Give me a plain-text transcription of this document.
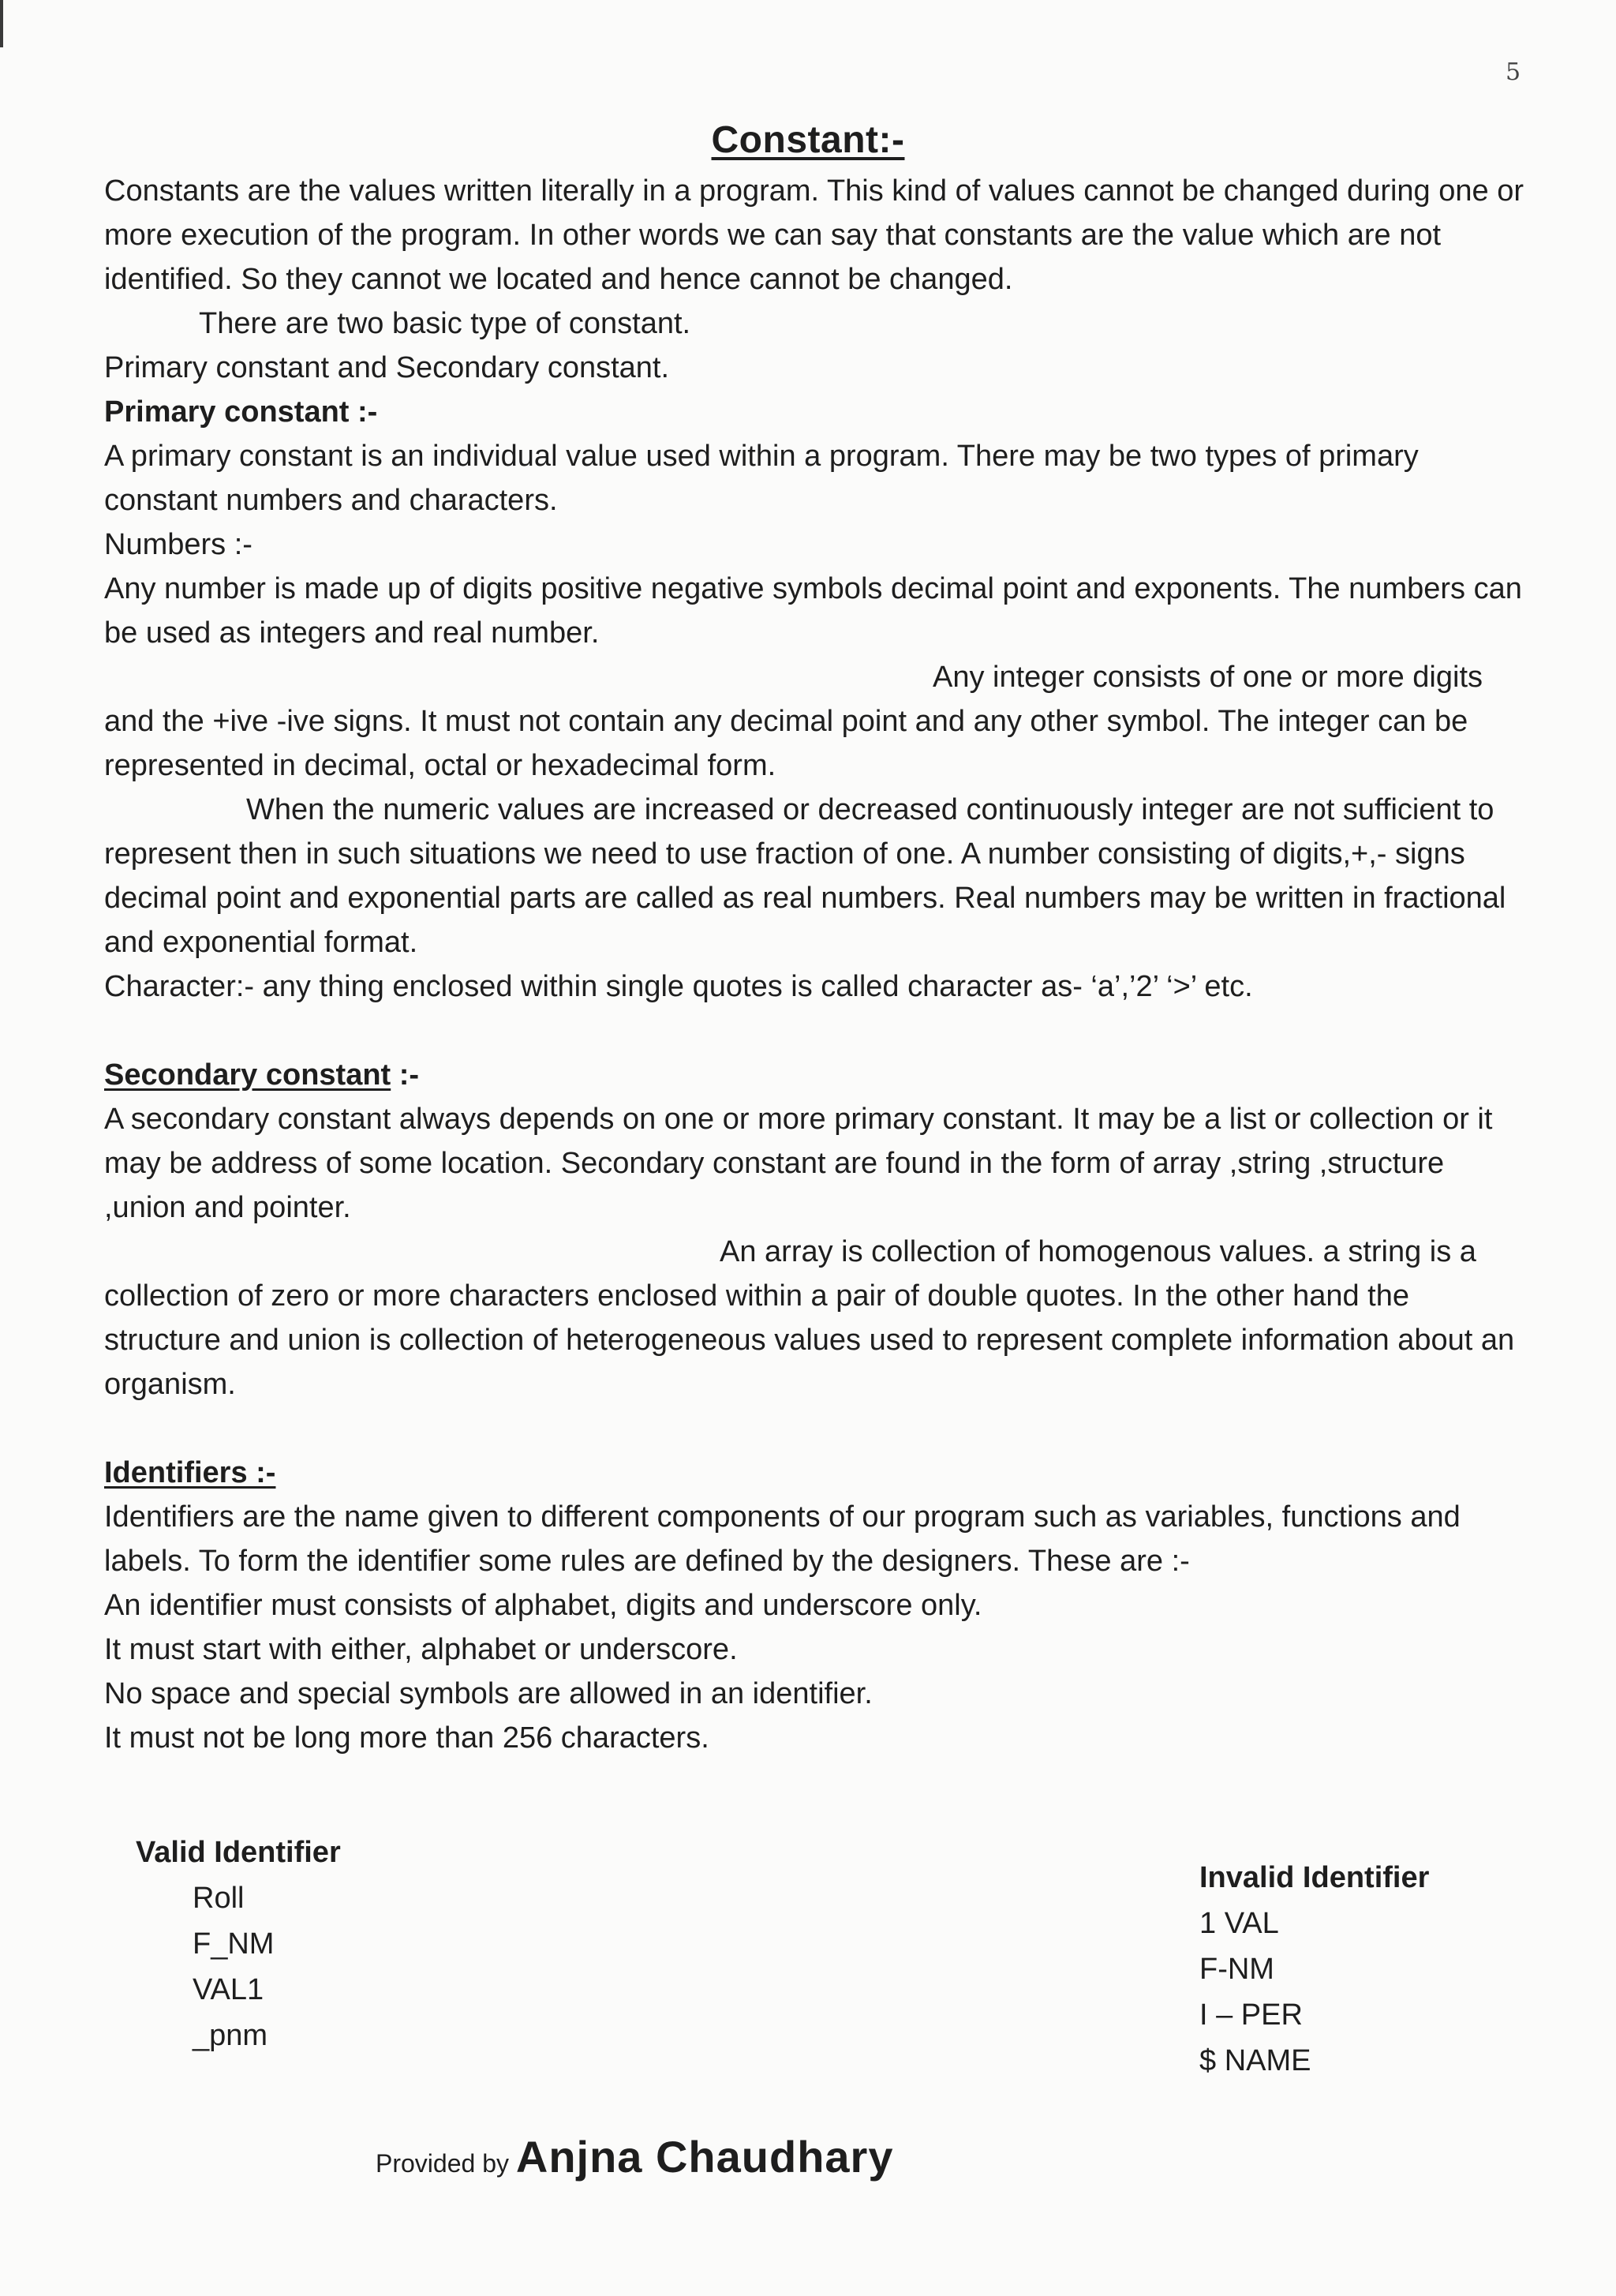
5
Constant:-

Constants are the values written literally in a program. This kind of values cannot be changed during one or more execution of the program. In other words we can say that constants are the value which are not identified. So they cannot we located and hence cannot be changed.

There are two basic type of constant.

Primary constant and Secondary constant.

Primary constant :-

A primary constant is an individual value used within a program. There may be two types of primary constant numbers and characters.

Numbers :-

Any number is made up of digits positive negative symbols decimal point and exponents. The numbers can be used as integers and real number.

Any integer consists of one or more digits and the +ive -ive signs. It must not contain any decimal point and any other symbol. The integer can be represented in decimal, octal or hexadecimal form.

When the numeric values are increased or decreased continuously integer are not sufficient to represent then in such situations we need to use fraction of one. A number consisting of digits,+,- signs decimal point and exponential parts are called as real numbers. Real numbers may be written in fractional and exponential format.

Character:- any thing enclosed within single quotes is called character as- ‘a’,’2’ ‘>’ etc.

Secondary constant :-

A secondary constant always depends on one or more primary constant. It may be a list or collection or it may be address of some location. Secondary constant are found in the form of array ,string ,structure ,union and pointer.

An array is collection of homogenous values. a string is a collection of zero or more characters enclosed within a pair of double quotes. In the other hand the structure and union is collection of heterogeneous values used to represent complete information about an organism.

Identifiers :-

Identifiers are the name given to different components of our program such as variables, functions and labels. To form the identifier some rules are defined by the designers. These are :-

An identifier must consists of alphabet, digits and underscore only.

It must start with either, alphabet or underscore.

No space and special symbols are allowed in an identifier.

It must not be long more than 256 characters.

Valid Identifier
Roll
F_NM
VAL1
_pnm
Invalid Identifier
1 VAL
F-NM
I – PER
$ NAME
Provided by Anjna Chaudhary
